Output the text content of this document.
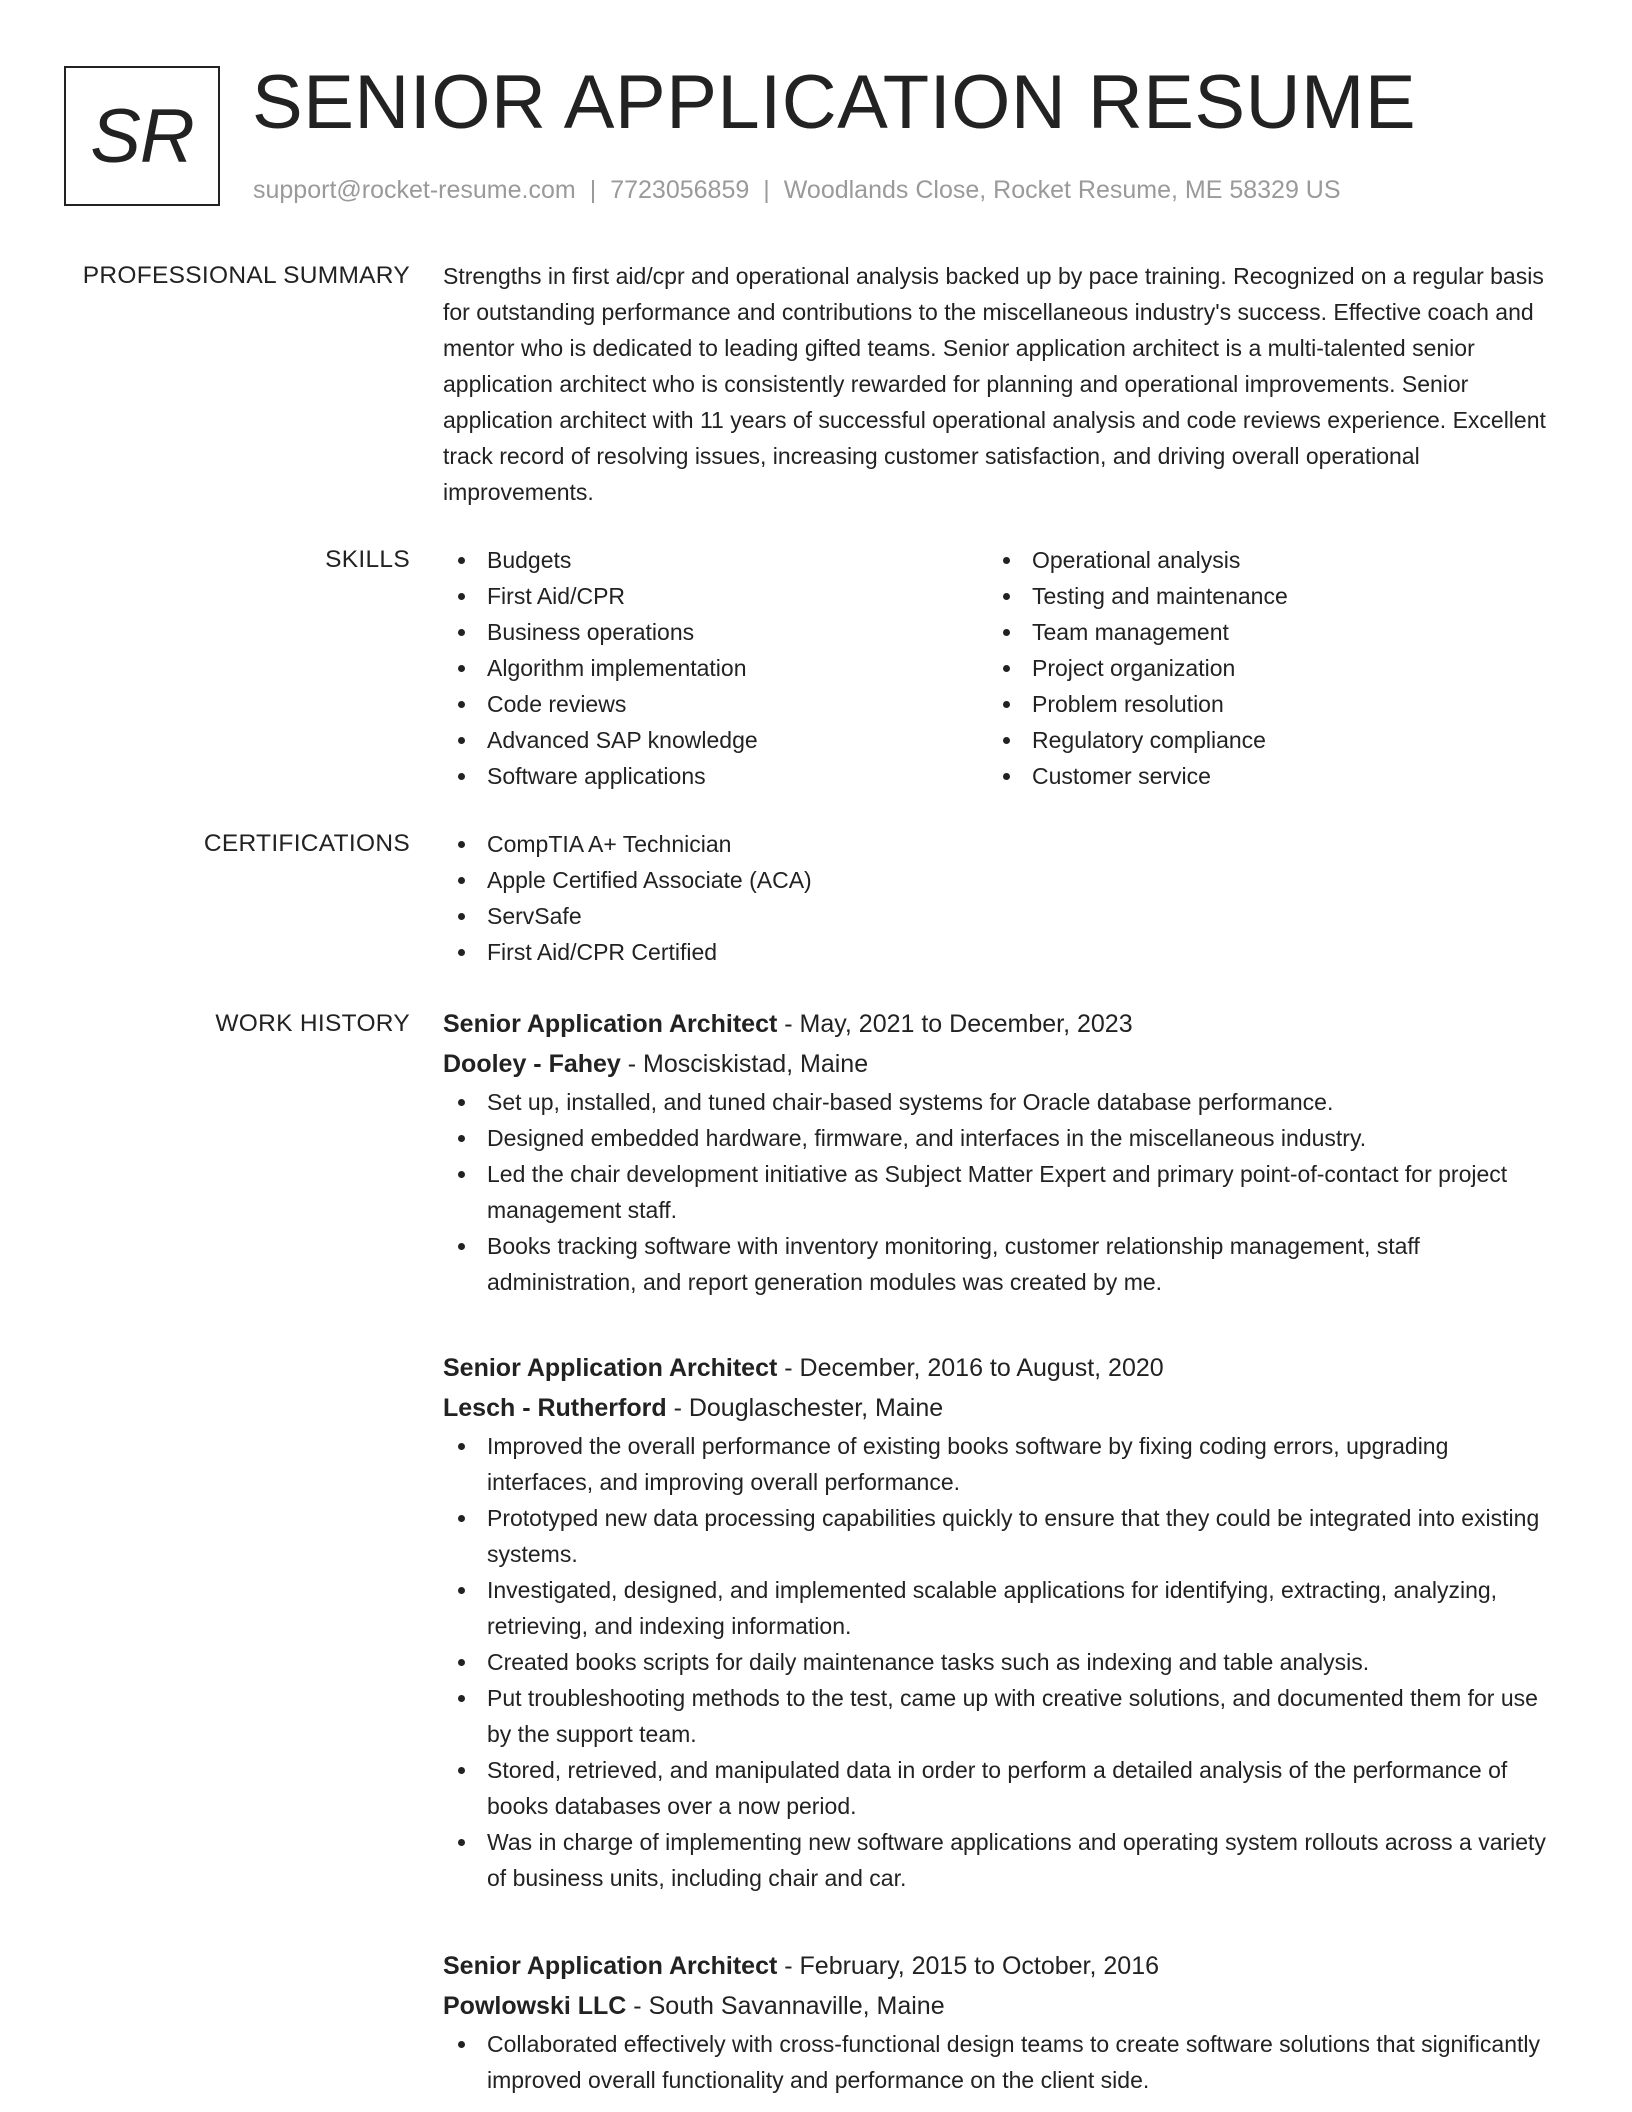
SR SENIOR APPLICATION RESUME
support@rocket-resume.com | 7723056859 | Woodlands Close, Rocket Resume, ME 58329 US
PROFESSIONAL SUMMARY Strengths in first aid/cpr and operational analysis backed up by pace training. Recognized on a regular basis for outstanding performance and contributions to the miscellaneous industry's success. Effective coach and mentor who is dedicated to leading gifted teams. Senior application architect is a multi-talented senior application architect who is consistently rewarded for planning and operational improvements. Senior application architect with 11 years of successful operational analysis and code reviews experience. Excellent track record of resolving issues, increasing customer satisfaction, and driving overall operational improvements.

SKILLS	Budgets
First Aid/CPR
Business operations
Algorithm implementation
Code reviews
Advanced SAP knowledge
Software applications
Operational analysis
Testing and maintenance
Team management
Project organization
Problem resolution
Regulatory compliance
Customer service
CERTIFICATIONS	CompTIA A+ Technician
Apple Certified Associate (ACA)
ServSafe
First Aid/CPR Certified
WORK HISTORY Senior Application Architect - May, 2021 to December, 2023
Dooley - Fahey - Mosciskistad, Maine
Set up, installed, and tuned chair-based systems for Oracle database performance.
Designed embedded hardware, firmware, and interfaces in the miscellaneous industry.
Led the chair development initiative as Subject Matter Expert and primary point-of-contact for project management staff.
Books tracking software with inventory monitoring, customer relationship management, staff administration, and report generation modules was created by me.
Senior Application Architect - December, 2016 to August, 2020
Lesch - Rutherford - Douglaschester, Maine
Improved the overall performance of existing books software by fixing coding errors, upgrading interfaces, and improving overall performance.
Prototyped new data processing capabilities quickly to ensure that they could be integrated into existing systems.
Investigated, designed, and implemented scalable applications for identifying, extracting, analyzing, retrieving, and indexing information.
Created books scripts for daily maintenance tasks such as indexing and table analysis.
Put troubleshooting methods to the test, came up with creative solutions, and documented them for use by the support team.
Stored, retrieved, and manipulated data in order to perform a detailed analysis of the performance of books databases over a now period.
Was in charge of implementing new software applications and operating system rollouts across a variety of business units, including chair and car.
Senior Application Architect - February, 2015 to October, 2016
Powlowski LLC - South Savannaville, Maine
Collaborated effectively with cross-functional design teams to create software solutions that significantly improved overall functionality and performance on the client side.
